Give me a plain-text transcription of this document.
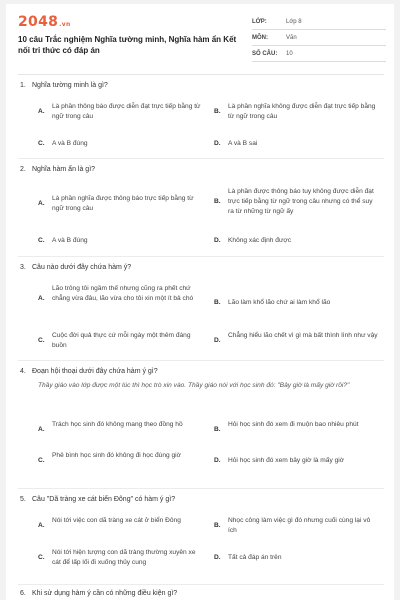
2048.vn
10 câu Trắc nghiệm Nghĩa tường minh, Nghĩa hàm ẩn Kết nối tri thức có đáp án
LỚP:	Lớp 8
MÔN:	Văn
SỐ CÂU:	10
1. Nghĩa tường minh là gì?
A.
Là phần thông báo được diễn đạt trực tiếp bằng từ ngữ trong câu
B.
Là phần nghĩa không được diễn đạt trực tiếp bằng từ ngữ trong câu
C. A và B đúng	D. A và B sai
2. Nghĩa hàm ẩn là gì?
A.
Là phần nghĩa được thông báo trực tiếp bằng từ ngữ trong câu
B.
Là phần được thông báo tuy không được diễn đạt trực tiếp bằng từ ngữ trong câu nhưng có thể suy ra từ những từ ngữ ấy
C. A và B đúng	D. Không xác định được
3. Câu nào dưới đây chứa hàm ý?
A.
Lão trông tôi ngầm thế nhưng cũng ra phết chứ chẳng vừa đâu, lão vừa cho tôi xin một ít bả chó
B. Lão làm khổ lão chứ ai làm khổ lão
C.
Cuộc đời quả thực cứ mỗi ngày một thêm đáng buồn
D.
Chẳng hiểu lão chết vì gì mà bất thình lình như vậy
4. Đoạn hội thoại dưới đây chứa hàm ý gì?
Thầy giáo vào lớp được một lúc thì học trò xin vào. Thầy giáo nói với học sinh đó: "Bây giờ là mấy giờ rồi?"
A.
Trách học sinh đó không mang theo đồng hồ
B.
Hỏi học sinh đó xem đi muộn bao nhiêu phút
C.
Phê bình học sinh đó không đi học đúng giờ
D. Hỏi học sinh đó xem bây giờ là mấy giờ
5. Câu "Dã tràng xe cát biển Đông" có hàm ý gì?
A.
Nói tới việc con dã tràng xe cát ở biển Đông
B.
Nhọc công làm việc gì đó nhưng cuối cùng lại vô ích
C.
Nói tới hiện tượng con dã tràng thường xuyên xe cát để lấp lối đi xuống thủy cung
D. Tất cả đáp án trên
6. Khi sử dụng hàm ý cần có những điều kiện gì?
